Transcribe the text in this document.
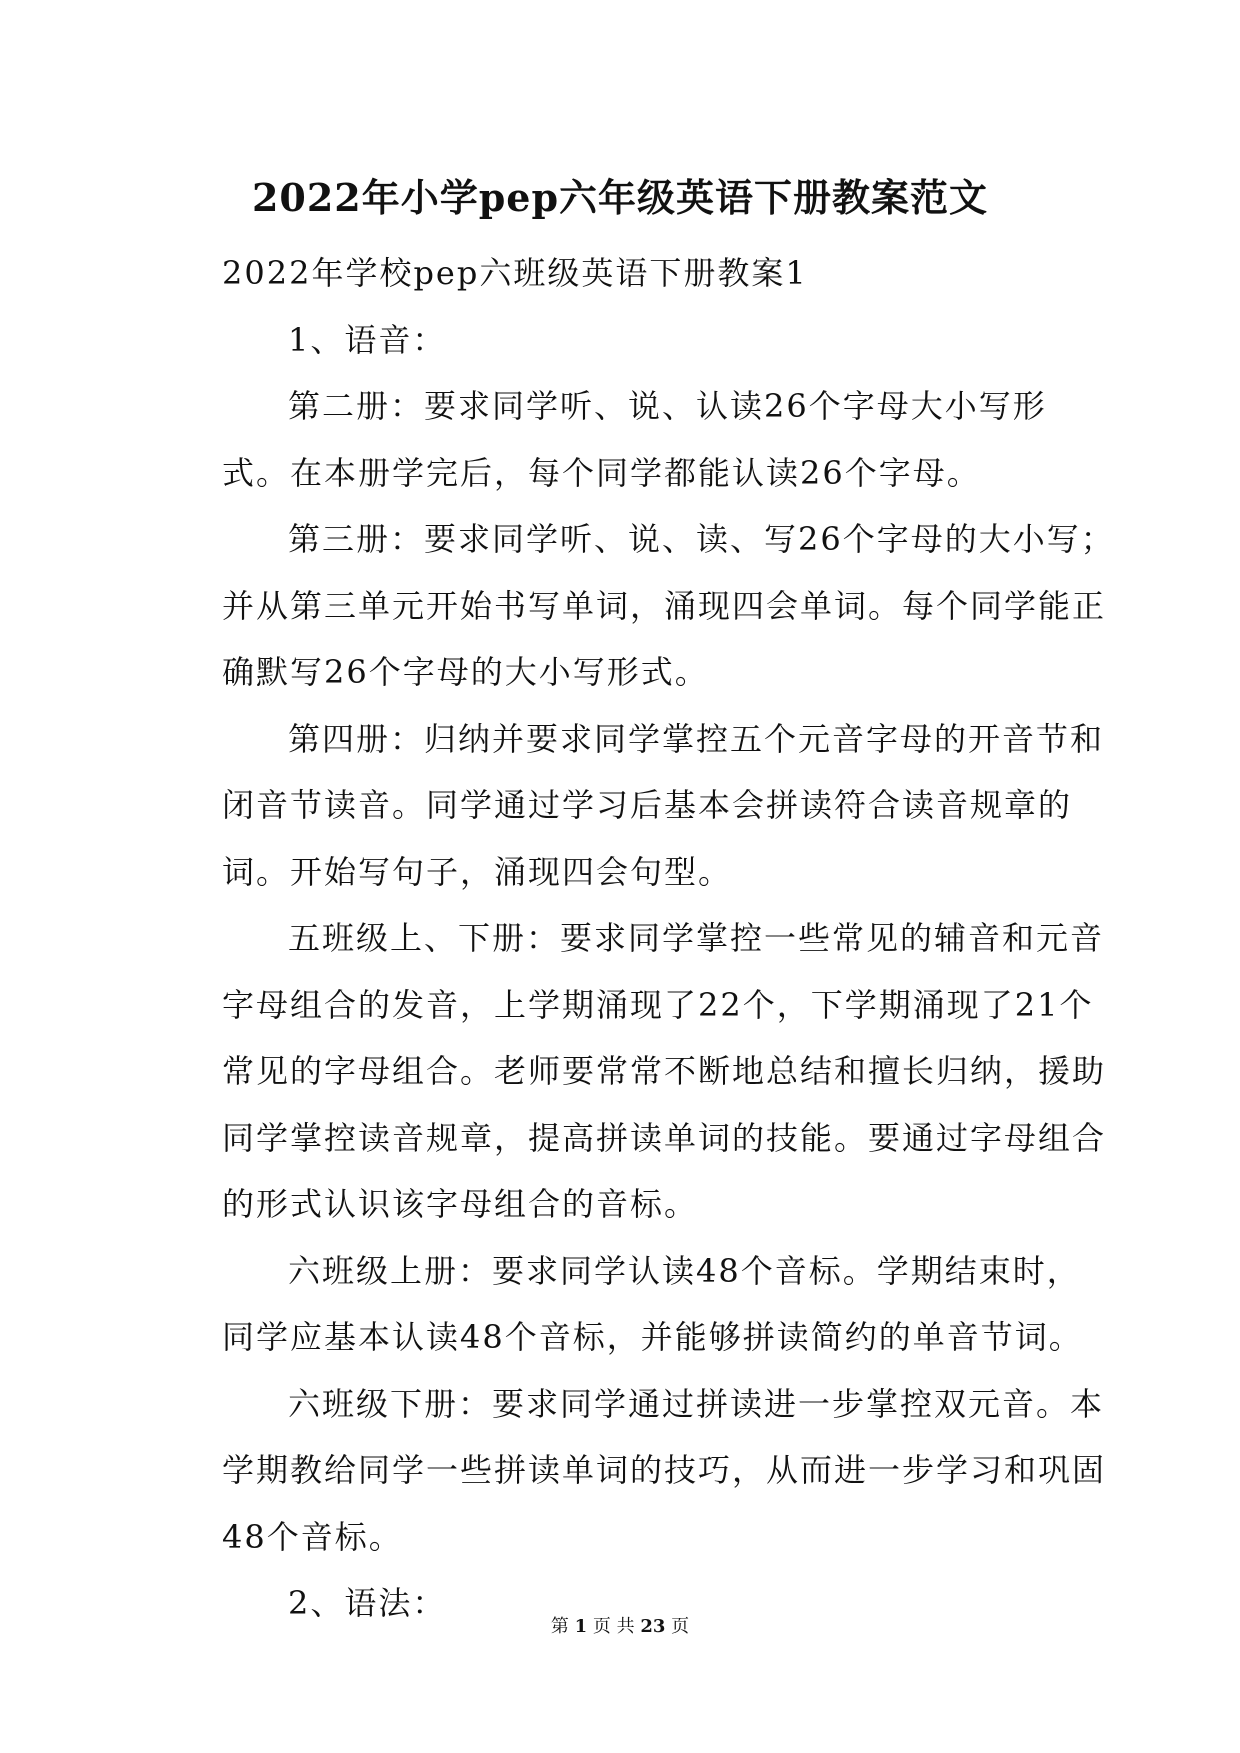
2022年小学pep六年级英语下册教案范文
2022年学校pep六班级英语下册教案1
1、语音：
第二册：要求同学听、说、认读26个字母大小写形
式。在本册学完后，每个同学都能认读26个字母。
第三册：要求同学听、说、读、写26个字母的大小写；
并从第三单元开始书写单词，涌现四会单词。每个同学能正
确默写26个字母的大小写形式。
第四册：归纳并要求同学掌控五个元音字母的开音节和
闭音节读音。同学通过学习后基本会拼读符合读音规章的
词。开始写句子，涌现四会句型。
五班级上、下册：要求同学掌控一些常见的辅音和元音
字母组合的发音，上学期涌现了22个，下学期涌现了21个
常见的字母组合。老师要常常不断地总结和擅长归纳，援助
同学掌控读音规章，提高拼读单词的技能。要通过字母组合
的形式认识该字母组合的音标。
六班级上册：要求同学认读48个音标。学期结束时，
同学应基本认读48个音标，并能够拼读简约的单音节词。
六班级下册：要求同学通过拼读进一步掌控双元音。本
学期教给同学一些拼读单词的技巧，从而进一步学习和巩固
48个音标。
2、语法：
第 1 页 共 23 页
